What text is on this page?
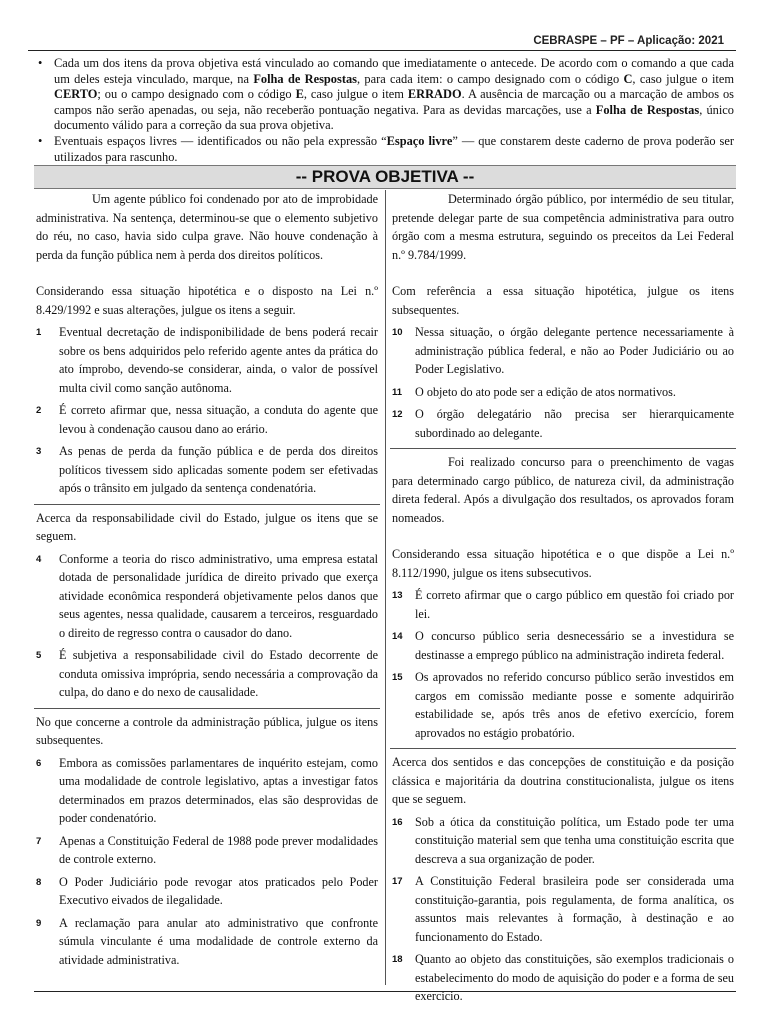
CEBRASPE – PF – Aplicação: 2021
• Cada um dos itens da prova objetiva está vinculado ao comando que imediatamente o antecede. De acordo com o comando a que cada um deles esteja vinculado, marque, na Folha de Respostas, para cada item: o campo designado com o código C, caso julgue o item CERTO; ou o campo designado com o código E, caso julgue o item ERRADO. A ausência de marcação ou a marcação de ambos os campos não serão apenadas, ou seja, não receberão pontuação negativa. Para as devidas marcações, use a Folha de Respostas, único documento válido para a correção da sua prova objetiva.
• Eventuais espaços livres — identificados ou não pela expressão “Espaço livre” — que constarem deste caderno de prova poderão ser utilizados para rascunho.
-- PROVA OBJETIVA --

Um agente público foi condenado por ato de improbidade administrativa. Na sentença, determinou-se que o elemento subjetivo do réu, no caso, havia sido culpa grave. Não houve condenação à perda da função pública nem à perda dos direitos políticos.

Considerando essa situação hipotética e o disposto na Lei n.º 8.429/1992 e suas alterações, julgue os itens a seguir.

1 Eventual decretação de indisponibilidade de bens poderá recair sobre os bens adquiridos pelo referido agente antes da prática do ato ímprobo, devendo-se considerar, ainda, o valor de possível multa civil como sanção autônoma.
2 É correto afirmar que, nessa situação, a conduta do agente que levou à condenação causou dano ao erário.
3 As penas de perda da função pública e de perda dos direitos políticos tivessem sido aplicadas somente podem ser efetivadas após o trânsito em julgado da sentença condenatória.

Acerca da responsabilidade civil do Estado, julgue os itens que se seguem.

4 Conforme a teoria do risco administrativo, uma empresa estatal dotada de personalidade jurídica de direito privado que exerça atividade econômica responderá objetivamente pelos danos que seus agentes, nessa qualidade, causarem a terceiros, resguardado o direito de regresso contra o causador do dano.
5 É subjetiva a responsabilidade civil do Estado decorrente de conduta omissiva imprópria, sendo necessária a comprovação da culpa, do dano e do nexo de causalidade.

No que concerne a controle da administração pública, julgue os itens subsequentes.

6 Embora as comissões parlamentares de inquérito estejam, como uma modalidade de controle legislativo, aptas a investigar fatos determinados em prazos determinados, elas são desprovidas de poder condenatório.
7 Apenas a Constituição Federal de 1988 pode prever modalidades de controle externo.
8 O Poder Judiciário pode revogar atos praticados pelo Poder Executivo eivados de ilegalidade.
9 A reclamação para anular ato administrativo que confronte súmula vinculante é uma modalidade de controle externo da atividade administrativa.

Determinado órgão público, por intermédio de seu titular, pretende delegar parte de sua competência administrativa para outro órgão com a mesma estrutura, seguindo os preceitos da Lei Federal n.º 9.784/1999.

Com referência a essa situação hipotética, julgue os itens subsequentes.

10 Nessa situação, o órgão delegante pertence necessariamente à administração pública federal, e não ao Poder Judiciário ou ao Poder Legislativo.
11 O objeto do ato pode ser a edição de atos normativos.
12 O órgão delegatário não precisa ser hierarquicamente subordinado ao delegante.

Foi realizado concurso para o preenchimento de vagas para determinado cargo público, de natureza civil, da administração direta federal. Após a divulgação dos resultados, os aprovados foram nomeados.

Considerando essa situação hipotética e o que dispõe a Lei n.º 8.112/1990, julgue os itens subsecutivos.

13 É correto afirmar que o cargo público em questão foi criado por lei.
14 O concurso público seria desnecessário se a investidura se destinasse a emprego público na administração indireta federal.
15 Os aprovados no referido concurso público serão investidos em cargos em comissão mediante posse e somente adquirirão estabilidade se, após três anos de efetivo exercício, forem aprovados no estágio probatório.

Acerca dos sentidos e das concepções de constituição e da posição clássica e majoritária da doutrina constitucionalista, julgue os itens que se seguem.

16 Sob a ótica da constituição política, um Estado pode ter uma constituição material sem que tenha uma constituição escrita que descreva a sua organização de poder.
17 A Constituição Federal brasileira pode ser considerada uma constituição-garantia, pois regulamenta, de forma analítica, os assuntos mais relevantes à formação, à destinação e ao funcionamento do Estado.
18 Quanto ao objeto das constituições, são exemplos tradicionais o estabelecimento do modo de aquisição do poder e a forma de seu exercício.
